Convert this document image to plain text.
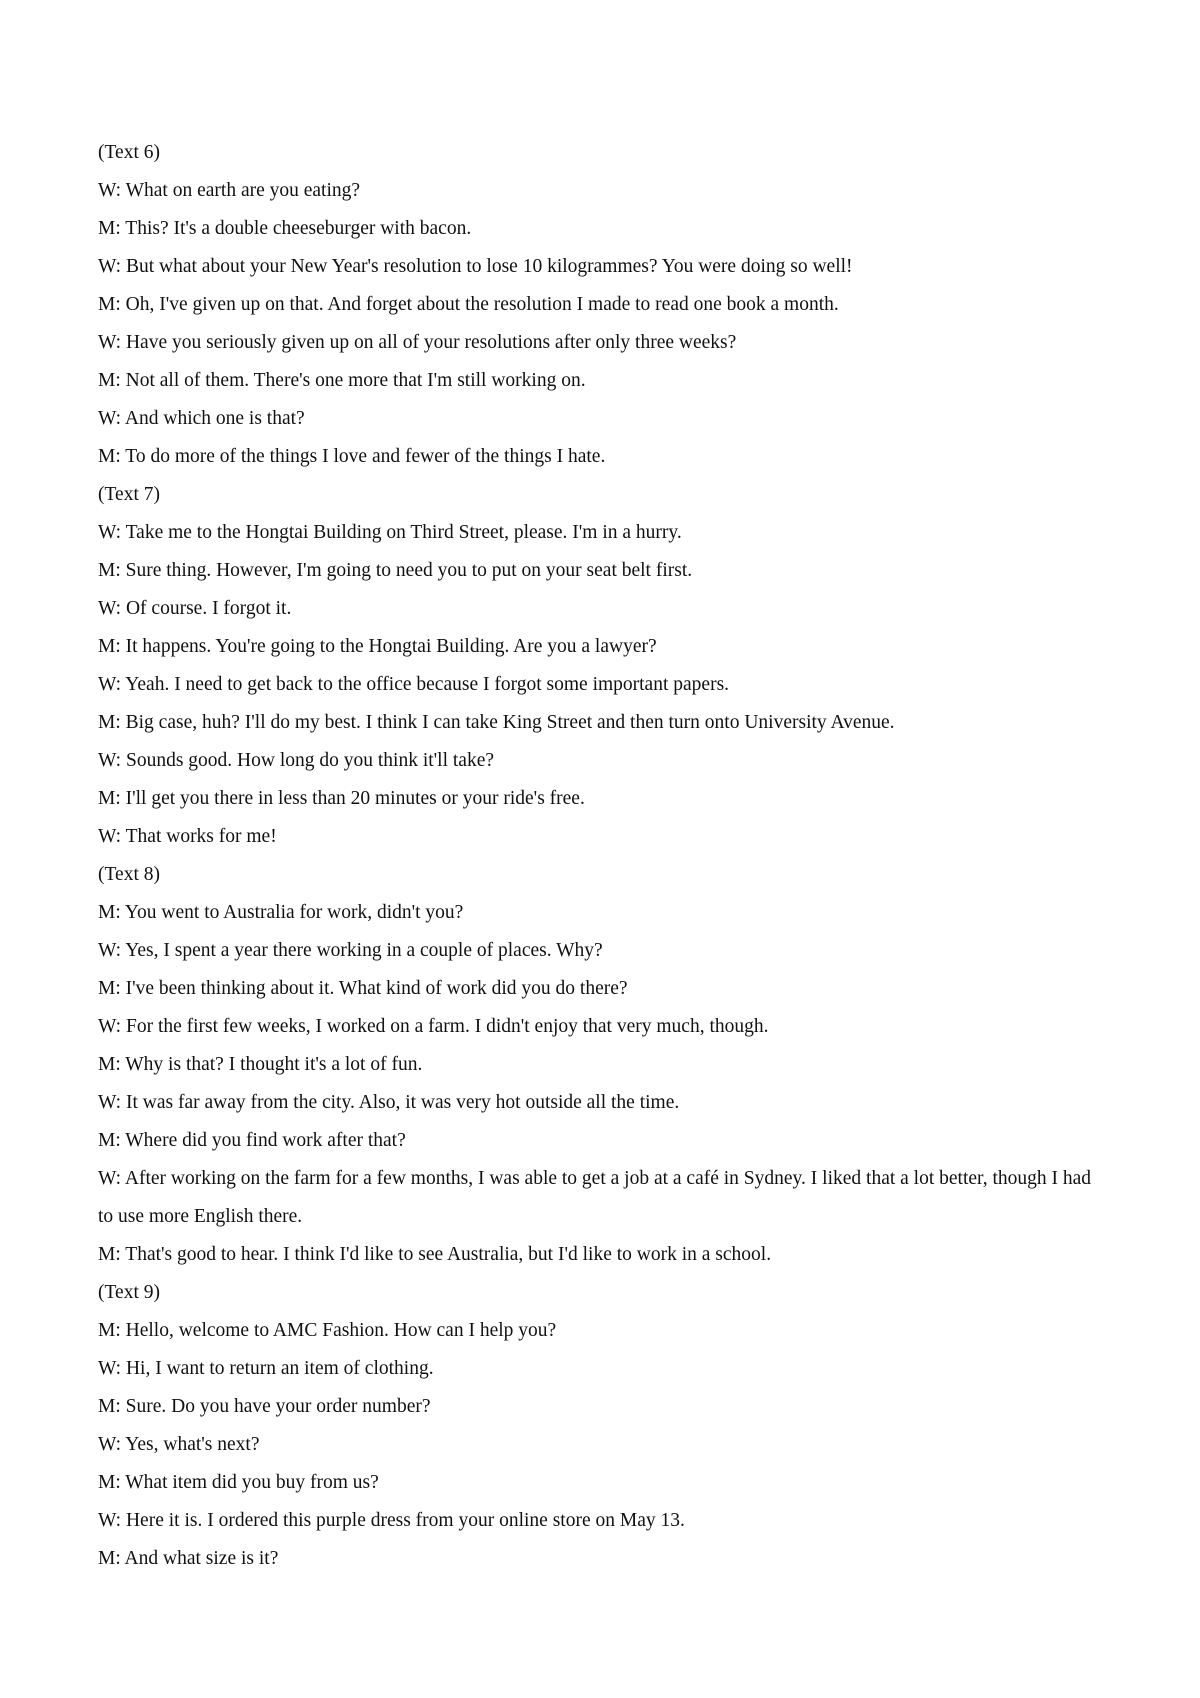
(Text 6)
W: What on earth are you eating?
M: This? It's a double cheeseburger with bacon.
W: But what about your New Year's resolution to lose 10 kilogrammes? You were doing so well!
M: Oh, I've given up on that. And forget about the resolution I made to read one book a month.
W: Have you seriously given up on all of your resolutions after only three weeks?
M: Not all of them. There's one more that I'm still working on.
W: And which one is that?
M: To do more of the things I love and fewer of the things I hate.
(Text 7)
W: Take me to the Hongtai Building on Third Street, please. I'm in a hurry.
M: Sure thing. However, I'm going to need you to put on your seat belt first.
W: Of course. I forgot it.
M: It happens. You're going to the Hongtai Building. Are you a lawyer?
W: Yeah. I need to get back to the office because I forgot some important papers.
M: Big case, huh? I'll do my best. I think I can take King Street and then turn onto University Avenue.
W: Sounds good. How long do you think it'll take?
M: I'll get you there in less than 20 minutes or your ride's free.
W: That works for me!
(Text 8)
M: You went to Australia for work, didn't you?
W: Yes, I spent a year there working in a couple of places. Why?
M: I've been thinking about it. What kind of work did you do there?
W: For the first few weeks, I worked on a farm. I didn't enjoy that very much, though.
M: Why is that? I thought it's a lot of fun.
W: It was far away from the city. Also, it was very hot outside all the time.
M: Where did you find work after that?
W: After working on the farm for a few months, I was able to get a job at a café in Sydney. I liked that a lot better, though I had to use more English there.
M: That's good to hear. I think I'd like to see Australia, but I'd like to work in a school.
(Text 9)
M: Hello, welcome to AMC Fashion. How can I help you?
W: Hi, I want to return an item of clothing.
M: Sure. Do you have your order number?
W: Yes, what's next?
M: What item did you buy from us?
W: Here it is. I ordered this purple dress from your online store on May 13.
M: And what size is it?
